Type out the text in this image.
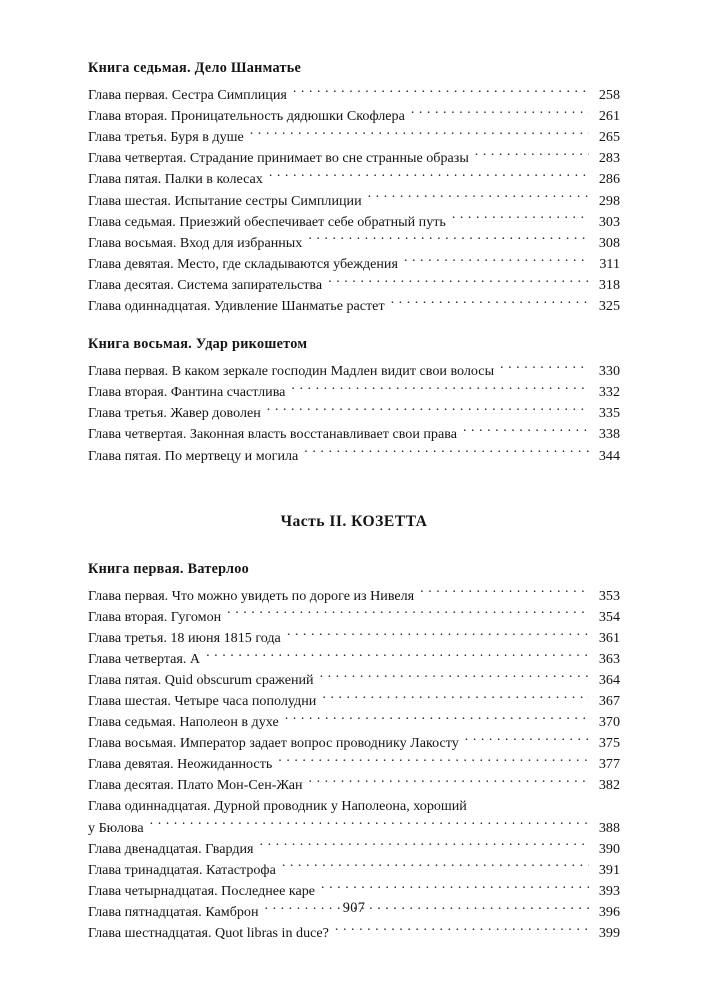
Книга седьмая. Дело Шанматье
Глава первая. Сестра Симплиция . . .	258
Глава вторая. Проницательность дядюшки Скофлера . . .	261
Глава третья. Буря в душе . . .	265
Глава четвертая. Страдание принимает во сне странные образы . . .	283
Глава пятая. Палки в колесах . . .	286
Глава шестая. Испытание сестры Симплиции . . .	298
Глава седьмая. Приезжий обеспечивает себе обратный путь . . .	303
Глава восьмая. Вход для избранных . . .	308
Глава девятая. Место, где складываются убеждения . . .	311
Глава десятая. Система запирательства . . .	318
Глава одиннадцатая. Удивление Шанматье растет . . .	325
Книга восьмая. Удар рикошетом
Глава первая. В каком зеркале господин Мадлен видит свои волосы . . .	330
Глава вторая. Фантина счастлива . . .	332
Глава третья. Жавер доволен . . .	335
Глава четвертая. Законная власть восстанавливает свои права . . .	338
Глава пятая. По мертвецу и могила . . .	344
Часть II. КОЗЕТТА
Книга первая. Ватерлоо
Глава первая. Что можно увидеть по дороге из Нивеля . . .	353
Глава вторая. Гугомон . . .	354
Глава третья. 18 июня 1815 года . . .	361
Глава четвертая. А . . .	363
Глава пятая. Quid obscurum сражений . . .	364
Глава шестая. Четыре часа пополудни . . .	367
Глава седьмая. Наполеон в духе . . .	370
Глава восьмая. Император задает вопрос проводнику Лакосту . . .	375
Глава девятая. Неожиданность . . .	377
Глава десятая. Плато Мон-Сен-Жан . . .	382
Глава одиннадцатая. Дурной проводник у Наполеона, хороший
у Бюлова . . .	388
Глава двенадцатая. Гвардия . . .	390
Глава тринадцатая. Катастрофа . . .	391
Глава четырнадцатая. Последнее каре . . .	393
Глава пятнадцатая. Камброн . . .	396
Глава шестнадцатая. Quot libras in duce? . . .	399
907
